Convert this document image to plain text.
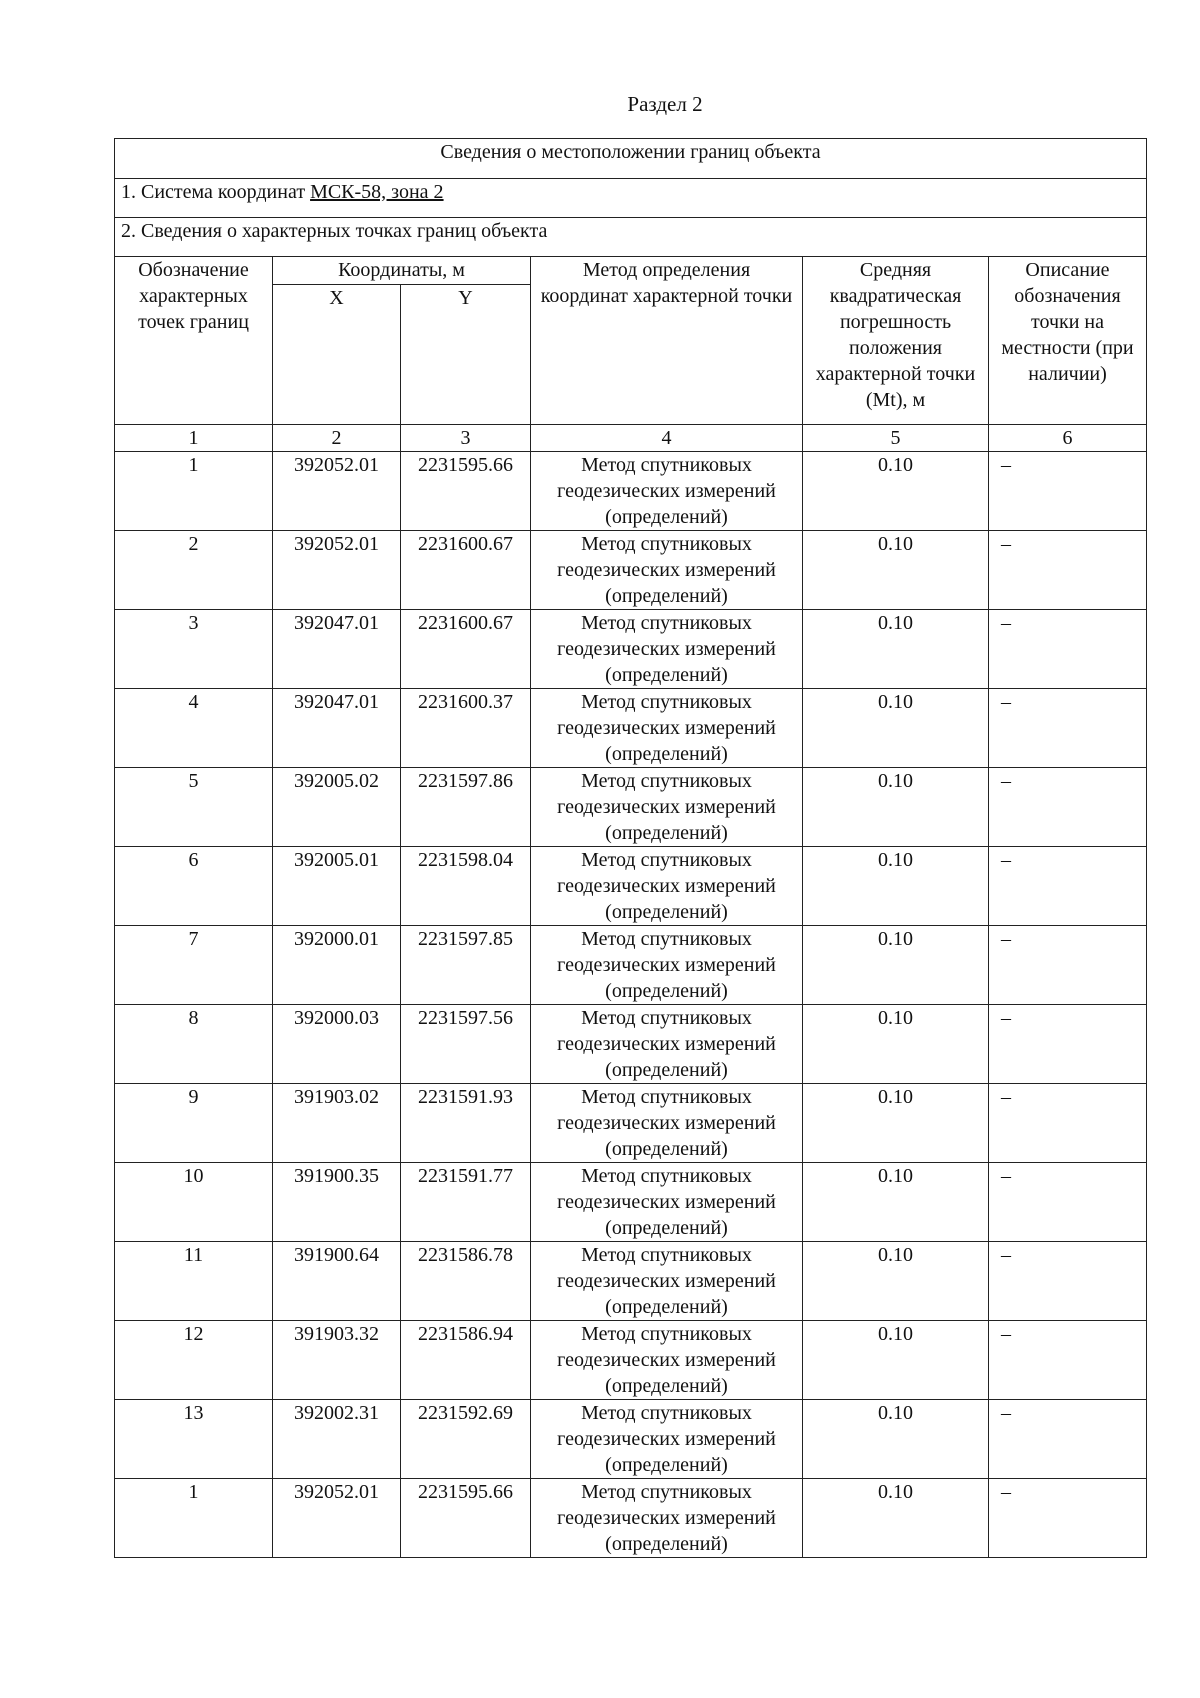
Раздел 2
Сведения о местоположении границ объекта					
1. Система координат МСК-58, зона 2					
2. Сведения о характерных точках границ объекта					
Обозначение характерных точек границ	Координаты, м		Метод определения координат характерной точки	Средняя квадратическая погрешность положения характерной точки (Mt), м	Описание обозначения точки на местности (при наличии)
	X	Y			
1	2	3	4	5	6
1	392052.01	2231595.66	Метод спутниковых геодезических измерений (определений)	0.10	–
2	392052.01	2231600.67	Метод спутниковых геодезических измерений (определений)	0.10	–
3	392047.01	2231600.67	Метод спутниковых геодезических измерений (определений)	0.10	–
4	392047.01	2231600.37	Метод спутниковых геодезических измерений (определений)	0.10	–
5	392005.02	2231597.86	Метод спутниковых геодезических измерений (определений)	0.10	–
6	392005.01	2231598.04	Метод спутниковых геодезических измерений (определений)	0.10	–
7	392000.01	2231597.85	Метод спутниковых геодезических измерений (определений)	0.10	–
8	392000.03	2231597.56	Метод спутниковых геодезических измерений (определений)	0.10	–
9	391903.02	2231591.93	Метод спутниковых геодезических измерений (определений)	0.10	–
10	391900.35	2231591.77	Метод спутниковых геодезических измерений (определений)	0.10	–
11	391900.64	2231586.78	Метод спутниковых геодезических измерений (определений)	0.10	–
12	391903.32	2231586.94	Метод спутниковых геодезических измерений (определений)	0.10	–
13	392002.31	2231592.69	Метод спутниковых геодезических измерений (определений)	0.10	–
1	392052.01	2231595.66	Метод спутниковых геодезических измерений (определений)	0.10	–
